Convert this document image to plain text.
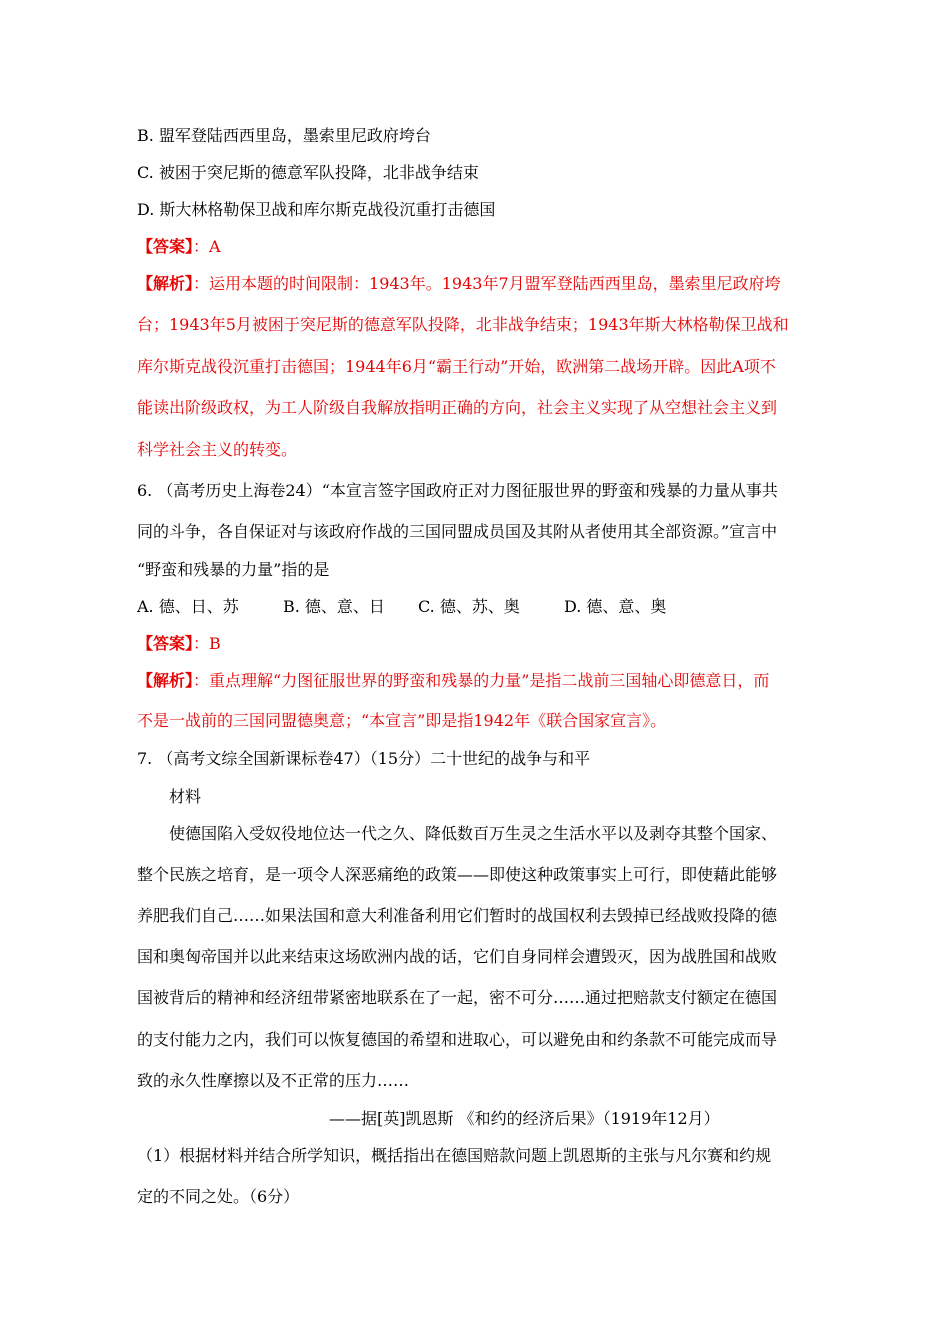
B. 盟军登陆西西里岛，墨索里尼政府垮台
C. 被困于突尼斯的德意军队投降，北非战争结束
D. 斯大林格勒保卫战和库尔斯克战役沉重打击德国
【答案】：A
【解析】：运用本题的时间限制：1943年。1943年7月盟军登陆西西里岛，墨索里尼政府垮
台；1943年5月被困于突尼斯的德意军队投降，北非战争结束；1943年斯大林格勒保卫战和
库尔斯克战役沉重打击德国；1944年6月“霸王行动”开始，欧洲第二战场开辟。因此A项不
能读出阶级政权，为工人阶级自我解放指明正确的方向，社会主义实现了从空想社会主义到
科学社会主义的转变。
6. （高考历史上海卷24）“本宣言签字国政府正对力图征服世界的野蛮和残暴的力量从事共
同的斗争，各自保证对与该政府作战的三国同盟成员国及其附从者使用其全部资源。”宣言中
“野蛮和残暴的力量”指的是
A. 德、日、苏	B. 德、意、日 C. 德、苏、奥	D. 德、意、奥
【答案】：B
【解析】：重点理解“力图征服世界的野蛮和残暴的力量”是指二战前三国轴心即德意日，而
不是一战前的三国同盟德奥意；“本宣言”即是指1942年《联合国家宣言》。
7. （高考文综全国新课标卷47）（15分）二十世纪的战争与和平
材料
使德国陷入受奴役地位达一代之久、降低数百万生灵之生活水平以及剥夺其整个国家、
整个民族之培育，是一项令人深恶痛绝的政策——即使这种政策事实上可行，即使藉此能够
养肥我们自己……如果法国和意大利准备利用它们暂时的战国权利去毁掉已经战败投降的德
国和奥匈帝国并以此来结束这场欧洲内战的话，它们自身同样会遭毁灭，因为战胜国和战败
国被背后的精神和经济纽带紧密地联系在了一起，密不可分……通过把赔款支付额定在德国
的支付能力之内，我们可以恢复德国的希望和进取心，可以避免由和约条款不可能完成而导
致的永久性摩擦以及不正常的压力……
——据[英]凯恩斯 《和约的经济后果》（1919年12月）
（1）根据材料并结合所学知识，概括指出在德国赔款问题上凯恩斯的主张与凡尔赛和约规
定的不同之处。（6分）
